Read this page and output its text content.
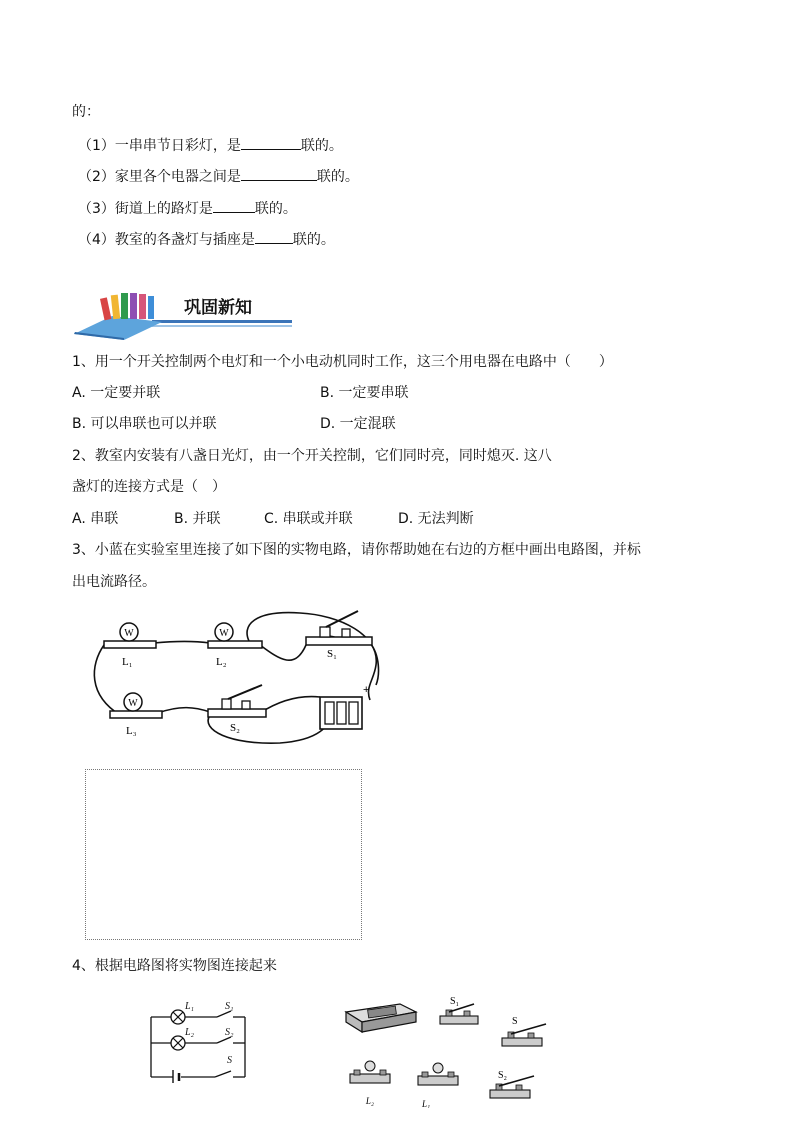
的：
（1）一串串节日彩灯，是	联的。
（2）家里各个电器之间是	联的。
（3）街道上的路灯是	联的。
（4）教室的各盏灯与插座是	联的。
巩固新知
1、用一个开关控制两个电灯和一个小电动机同时工作，这三个用电器在电路中（　　）
A. 一定要并联	B. 一定要串联
B. 可以串联也可以并联	D. 一定混联
2、教室内安装有八盏日光灯，由一个开关控制，它们同时亮，同时熄灭. 这八
盏灯的连接方式是（　）
A. 串联	B. 并联	C. 串联或并联	D. 无法判断
3、小蓝在实验室里连接了如下图的实物电路，请你帮助她在右边的方框中画出电路图，并标
出电流路径。
W
L₁
W
L₂
S₁
W
L₃	S₂
+
4、根据电路图将实物图连接起来
L₁	S₁
L₂	S₂
S
S₁
S
L₂	L₁
S₂
